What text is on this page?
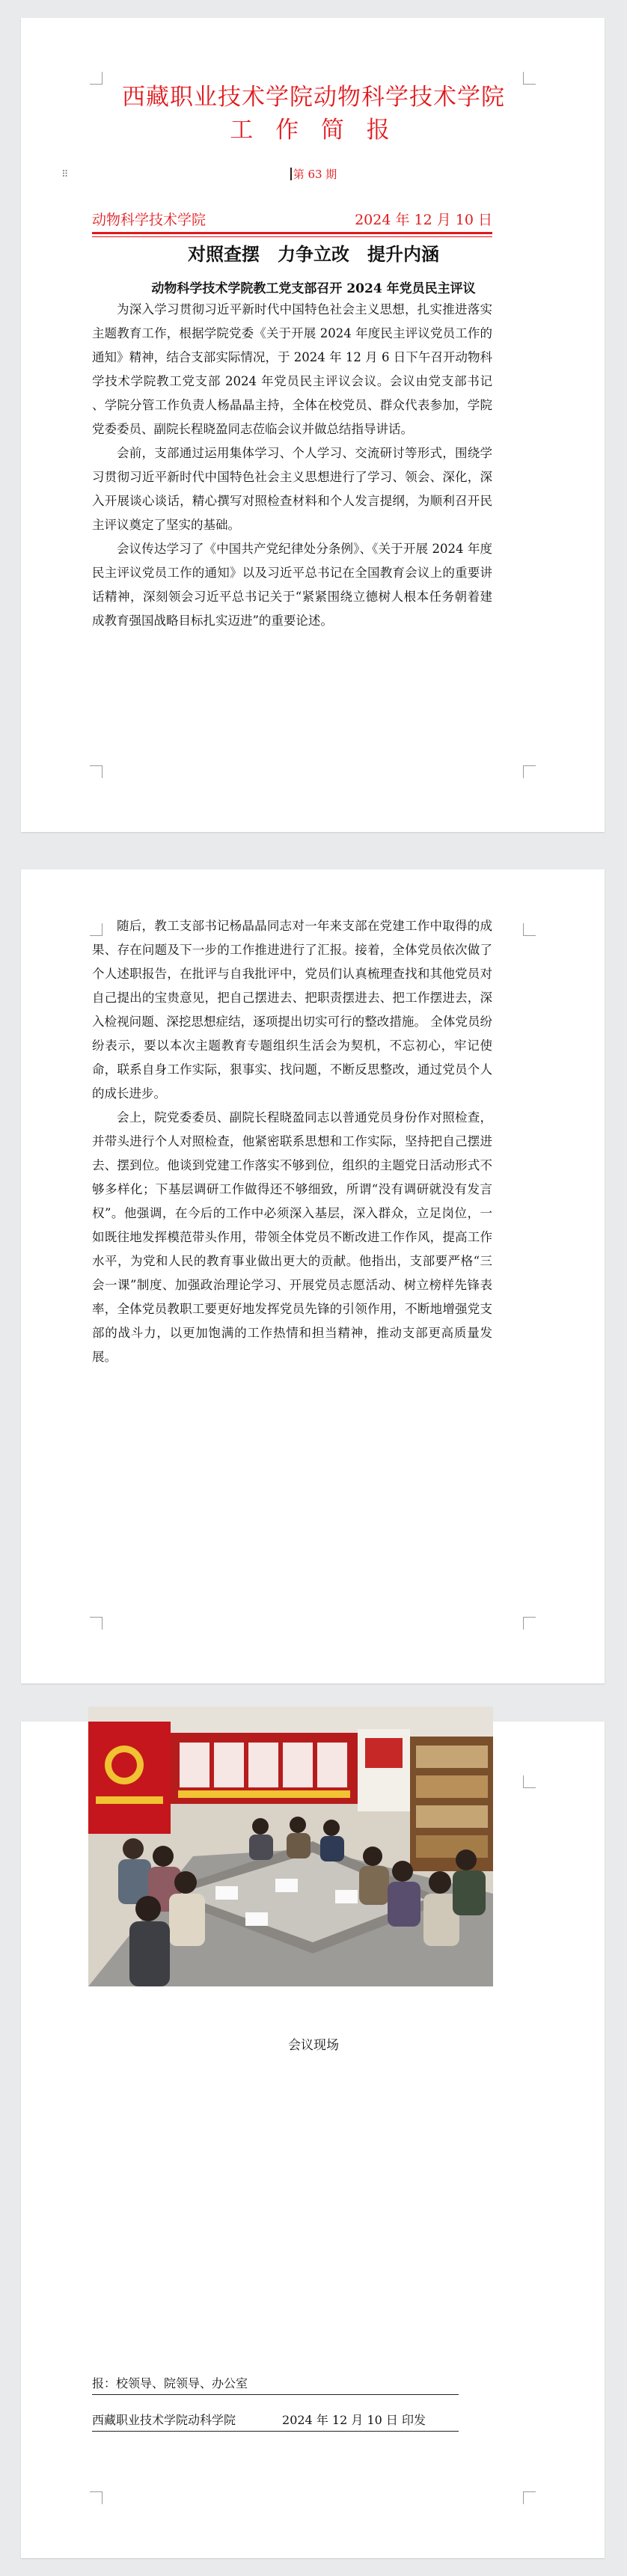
西藏职业技术学院动物科学技术学院
工 作 简 报
⠿	第 63 期
动物科学技术学院	2024 年 12 月 10 日
对照查摆　力争立改　提升内涵
动物科学技术学院教工党支部召开 2024 年党员民主评议

为深入学习贯彻习近平新时代中国特色社会主义思想，扎实推进落实主题教育工作，根据学院党委《关于开展 2024 年度民主评议党员工作的通知》精神，结合支部实际情况，于 2024 年 12 月 6 日下午召开动物科学技术学院教工党支部 2024 年党员民主评议会议。会议由党支部书记 、学院分管工作负责人杨晶晶主持，全体在校党员、群众代表参加，学院党委委员、副院长程晓盈同志莅临会议并做总结指导讲话。

会前，支部通过运用集体学习、个人学习、交流研讨等形式，围绕学习贯彻习近平新时代中国特色社会主义思想进行了学习、领会、深化，深入开展谈心谈话，精心撰写对照检查材料和个人发言提纲，为顺利召开民主评议奠定了坚实的基础。

会议传达学习了《中国共产党纪律处分条例》、《关于开展 2024 年度民主评议党员工作的通知》以及习近平总书记在全国教育会议上的重要讲话精神，深刻领会习近平总书记关于“紧紧围绕立德树人根本任务朝着建成教育强国战略目标扎实迈进”的重要论述。

随后，教工支部书记杨晶晶同志对一年来支部在党建工作中取得的成果、存在问题及下一步的工作推进进行了汇报。接着，全体党员依次做了个人述职报告，在批评与自我批评中，党员们认真梳理查找和其他党员对自己提出的宝贵意见，把自己摆进去、把职责摆进去、把工作摆进去，深入检视问题、深挖思想症结，逐项提出切实可行的整改措施。 全体党员纷纷表示，要以本次主题教育专题组织生活会为契机，不忘初心，牢记使命，联系自身工作实际，狠事实、找问题，不断反思整改，通过党员个人的成长进步。

会上，院党委委员、副院长程晓盈同志以普通党员身份作对照检查，并带头进行个人对照检查，他紧密联系思想和工作实际，坚持把自己摆进去、摆到位。他谈到党建工作落实不够到位，组织的主题党日活动形式不够多样化；下基层调研工作做得还不够细致，所谓“没有调研就没有发言权”。他强调，在今后的工作中必须深入基层，深入群众，立足岗位，一如既往地发挥模范带头作用，带领全体党员不断改进工作作风，提高工作水平，为党和人民的教育事业做出更大的贡献。他指出，支部要严格“三会一课”制度、加强政治理论学习、开展党员志愿活动、树立榜样先锋表率，全体党员教职工要更好地发挥党员先锋的引领作用，不断地增强党支部的战斗力，以更加饱满的工作热情和担当精神，推动支部更高质量发展。

会议现场
报：校领导、院领导、办公室
西藏职业技术学院动科学院	2024 年 12 月 10 日 印发
